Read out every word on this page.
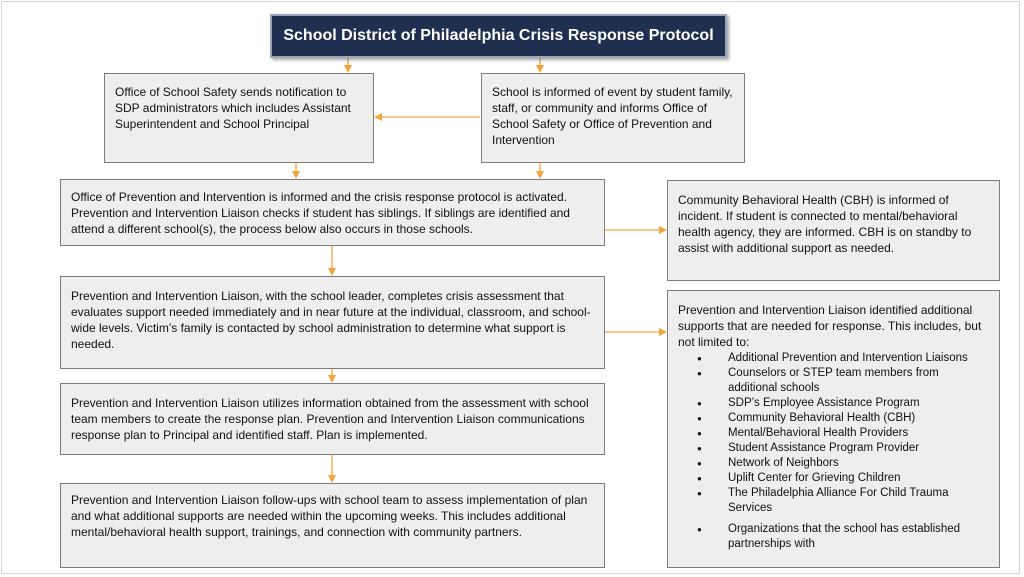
School District of Philadelphia Crisis Response Protocol
Office of School Safety sends notification to SDP administrators which includes Assistant Superintendent and School Principal
School is informed of event by student family, staff, or community and informs Office of School Safety or Office of Prevention and Intervention
Office of Prevention and Intervention is informed and the crisis response protocol is activated. Prevention and Intervention Liaison checks if student has siblings. If siblings are identified and attend a different school(s), the process below also occurs in those schools.
Community Behavioral Health (CBH) is informed of incident. If student is connected to mental/behavioral health agency, they are informed. CBH is on standby to assist with additional support as needed.
Prevention and Intervention Liaison, with the school leader, completes crisis assessment that evaluates support needed immediately and in near future at the individual, classroom, and school-wide levels. Victim’s family is contacted by school administration to determine what support is needed.
Prevention and Intervention Liaison utilizes information obtained from the assessment with school team members to create the response plan. Prevention and Intervention Liaison communications response plan to Principal and identified staff. Plan is implemented.
Prevention and Intervention Liaison follow-ups with school team to assess implementation of plan and what additional supports are needed within the upcoming weeks. This includes additional mental/behavioral health support, trainings, and connection with community partners.
Prevention and Intervention Liaison identified additional supports that are needed for response. This includes, but not limited to:
● Additional Prevention and Intervention Liaisons
● Counselors or STEP team members from additional schools
● SDP’s Employee Assistance Program
● Community Behavioral Health (CBH)
● Mental/Behavioral Health Providers
● Student Assistance Program Provider
● Network of Neighbors
● Uplift Center for Grieving Children
● The Philadelphia Alliance For Child Trauma Services
● Organizations that the school has established partnerships with
